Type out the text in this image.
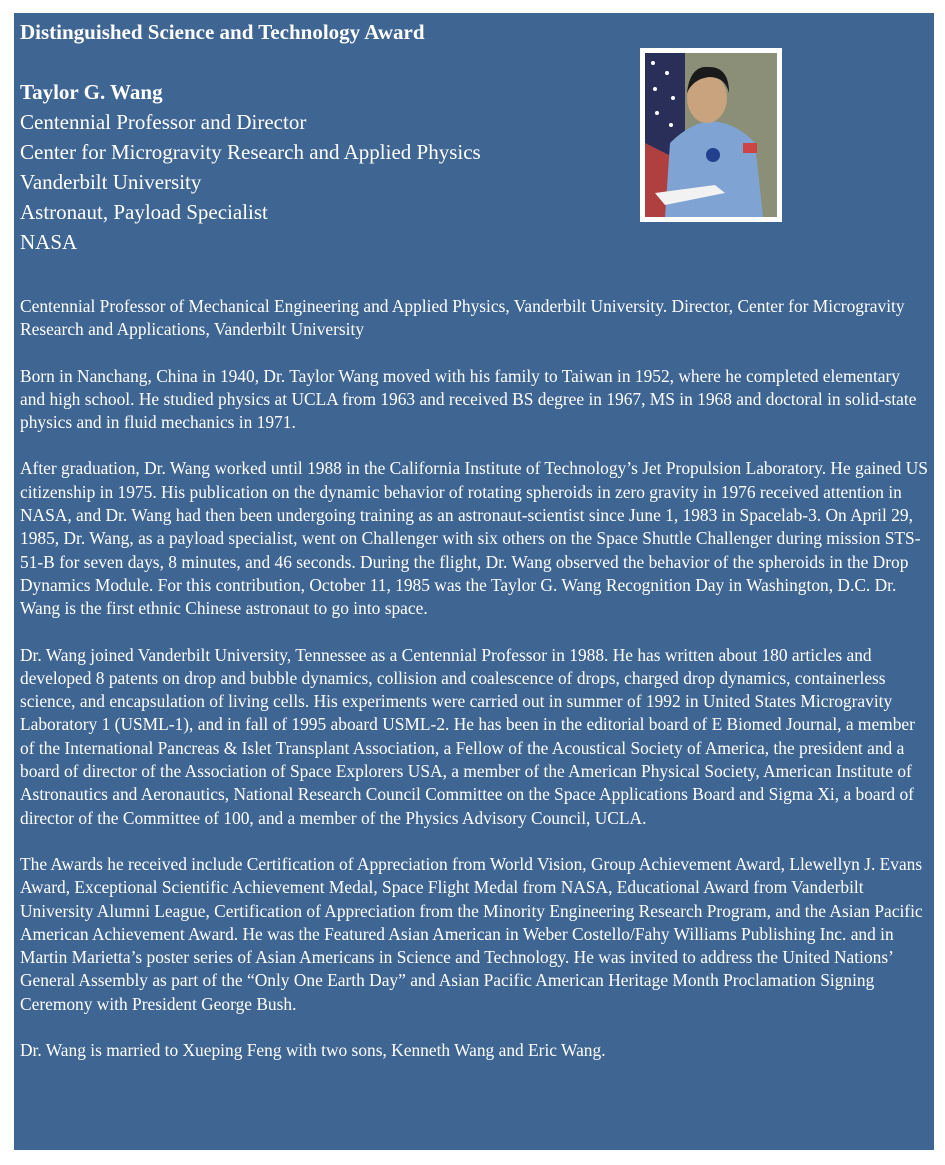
Distinguished Science and Technology Award

Taylor G. Wang
Centennial Professor and Director
Center for Microgravity Research and Applied Physics
Vanderbilt University
Astronaut, Payload Specialist
NASA

Centennial Professor of Mechanical Engineering and Applied Physics, Vanderbilt University. Director, Center for Microgravity Research and Applications, Vanderbilt University

Born in Nanchang, China in 1940, Dr. Taylor Wang moved with his family to Taiwan in 1952, where he completed elementary and high school. He studied physics at UCLA from 1963 and received BS degree in 1967, MS in 1968 and doctoral in solid-state physics and in fluid mechanics in 1971.

After graduation, Dr. Wang worked until 1988 in the California Institute of Technology’s Jet Propulsion Laboratory. He gained US citizenship in 1975. His publication on the dynamic behavior of rotating spheroids in zero gravity in 1976 received attention in NASA, and Dr. Wang had then been undergoing training as an astronaut-scientist since June 1, 1983 in Spacelab-3. On April 29, 1985, Dr. Wang, as a payload specialist, went on Challenger with six others on the Space Shuttle Challenger during mission STS-51-B for seven days, 8 minutes, and 46 seconds. During the flight, Dr. Wang observed the behavior of the spheroids in the Drop Dynamics Module. For this contribution, October 11, 1985 was the Taylor G. Wang Recognition Day in Washington, D.C. Dr. Wang is the first ethnic Chinese astronaut to go into space.

Dr. Wang joined Vanderbilt University, Tennessee as a Centennial Professor in 1988. He has written about 180 articles and developed 8 patents on drop and bubble dynamics, collision and coalescence of drops, charged drop dynamics, containerless science, and encapsulation of living cells. His experiments were carried out in summer of 1992 in United States Microgravity Laboratory 1 (USML-1), and in fall of 1995 aboard USML-2. He has been in the editorial board of E Biomed Journal, a member of the International Pancreas & Islet Transplant Association, a Fellow of the Acoustical Society of America, the president and a board of director of the Association of Space Explorers USA, a member of the American Physical Society, American Institute of Astronautics and Aeronautics, National Research Council Committee on the Space Applications Board and Sigma Xi, a board of director of the Committee of 100, and a member of the Physics Advisory Council, UCLA.

The Awards he received include Certification of Appreciation from World Vision, Group Achievement Award, Llewellyn J. Evans Award, Exceptional Scientific Achievement Medal, Space Flight Medal from NASA, Educational Award from Vanderbilt University Alumni League, Certification of Appreciation from the Minority Engineering Research Program, and the Asian Pacific American Achievement Award. He was the Featured Asian American in Weber Costello/Fahy Williams Publishing Inc. and in Martin Marietta’s poster series of Asian Americans in Science and Technology. He was invited to address the United Nations’ General Assembly as part of the “Only One Earth Day” and Asian Pacific American Heritage Month Proclamation Signing Ceremony with President George Bush.

Dr. Wang is married to Xueping Feng with two sons, Kenneth Wang and Eric Wang.
